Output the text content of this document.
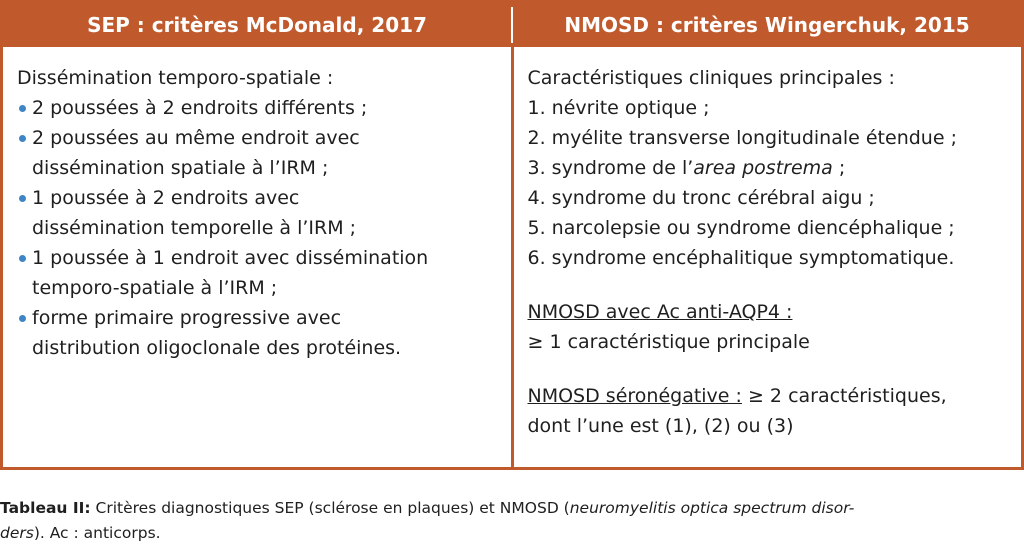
SEP : critères McDonald, 2017	NMOSD : critères Wingerchuk, 2015
Dissémination temporo-spatiale :
2 poussées à 2 endroits différents ;
2 poussées au même endroit avec
dissémination spatiale à l’IRM ;
1 poussée à 2 endroits avec
dissémination temporelle à l’IRM ;
1 poussée à 1 endroit avec dissémination
temporo-spatiale à l’IRM ;
forme primaire progressive avec
distribution oligoclonale des protéines.
Caractéristiques cliniques principales :
1. névrite optique ;
2. myélite transverse longitudinale étendue ;
3. syndrome de l’area postrema ;
4. syndrome du tronc cérébral aigu ;
5. narcolepsie ou syndrome diencéphalique ;
6. syndrome encéphalitique symptomatique.
NMOSD avec Ac anti-AQP4 :
≥ 1 caractéristique principale
NMOSD séronégative : ≥ 2 caractéristiques,
dont l’une est (1), (2) ou (3)
Tableau II: Critères diagnostiques SEP (sclérose en plaques) et NMOSD (neuromyelitis optica spectrum disor-
ders). Ac : anticorps.
